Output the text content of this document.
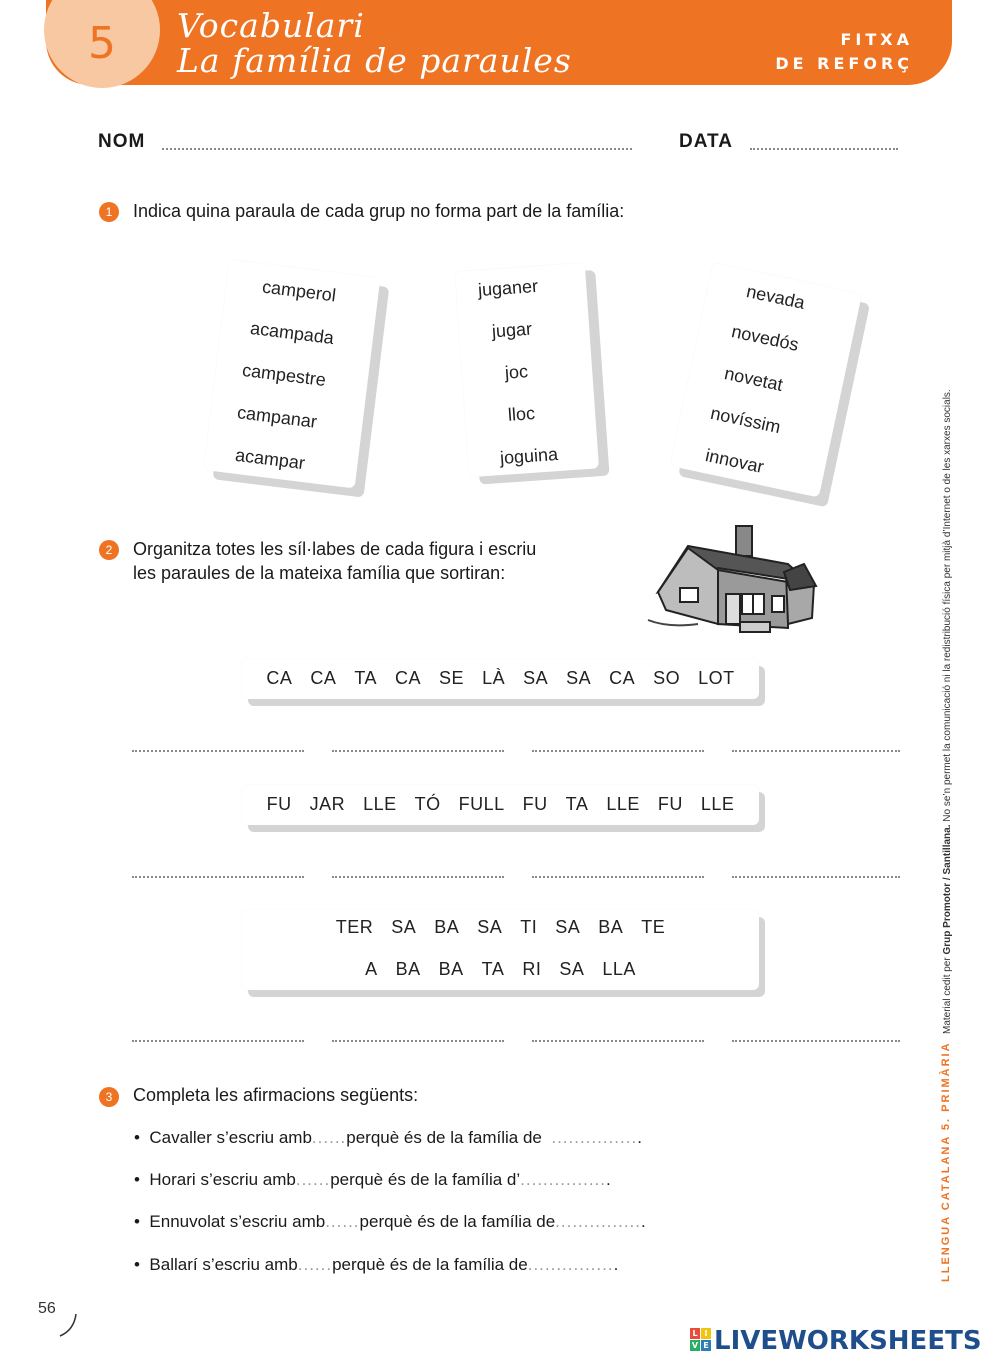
5 Vocabulari
La família de paraules
FITXA
DE REFORÇ
NOM	DATA
1	Indica quina paraula de cada grup no forma part de la família:
camperol
acampada
campestre
campanar
acampar
juganer
jugar
joc
lloc
joguina
nevada
novedós
novetat
novíssim
innovar
2	Organitza totes les síl·labes de cada figura i escriu
les paraules de la mateixa família que sortiran:
CA CA TA CA SE LÀ SA SA CA SO LOT
FU JAR LLE TÓ FULL FU TA LLE FU LLE
TER SA BA SA TI SA BA TE
A BA BA TA RI SA LLA
3	Completa les afirmacions següents:
•  Cavaller s’escriu amb......perquè és de la família de ................
•  Horari s’escriu amb......perquè és de la família d’................
•  Ennuvolat s’escriu amb......perquè és de la família de................
•  Ballarí s’escriu amb......perquè és de la família de................	LLENGUA CATALANA 5. PRIMÀRIA
Material cedit per Grup Promotor / Santillana. No se’n permet la comunicació ni la redistribució física per mitjà d’Internet o de les xarxes socials.
56
L I
V E LIVEWORKSHEETS
